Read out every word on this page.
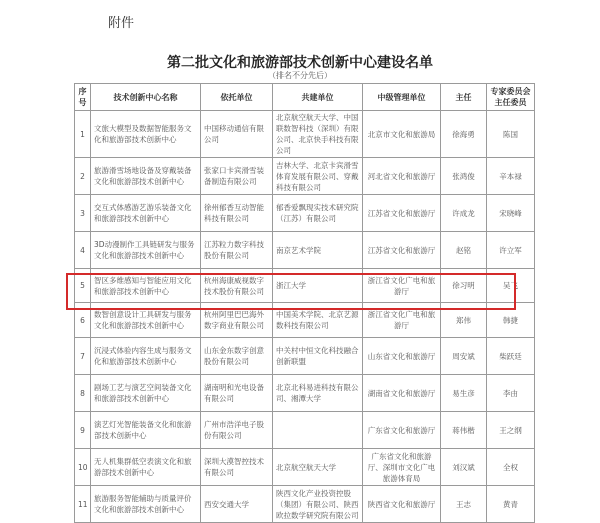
附件
第二批文化和旅游部技术创新中心建设名单
（排名不分先后）
序号	技术创新中心名称	依托单位	共建单位	中级管理单位	主任	专家委员会主任委员
1	文旅大模型及数据智能服务文化和旅游部技术创新中心	中国移动通信有限公司	北京航空航天大学、中国联数智科技（深圳）有限公司、北京快手科技有限公司	北京市文化和旅游局	徐海勇	陈国
2	旅游滑雪场地设备及穿戴装备文化和旅游部技术创新中心	张家口卡宾滑雪装备制造有限公司	吉林大学、北京卡宾滑雪体育发展有限公司、穿戴科技有限公司	河北省文化和旅游厅	张鸿俊	辛本禄
3	交互式体感游艺游乐装备文化和旅游部技术创新中心	徐州郁香互动智能科技有限公司	郁香爱飘现实技术研究院（江苏）有限公司	江苏省文化和旅游厅	许成龙	宋晓峰
4	3D动漫制作工具链研发与服务文化和旅游部技术创新中心	江苏粒力数字科技股份有限公司	南京艺术学院	江苏省文化和旅游厅	赵铭	许立军
5	智区多维感知与智能应用文化和旅游部技术创新中心	杭州海康威视数字技术股份有限公司	浙江大学	浙江省文化广电和旅游厅	徐习明	吴飞
6	数智创意设计工具研发与服务文化和旅游部技术创新中心	杭州阿里巴巴海外数字商业有限公司	中国美术学院、北京艺源数科技有限公司	浙江省文化广电和旅游厅	郑伟	韩捷
7	沉浸式体验内容生成与服务文化和旅游部技术创新中心	山东金东数字创意股份有限公司	中关村中恒文化科技融合创新联盟	山东省文化和旅游厅	周安斌	柴跃廷
8	剧场工艺与演艺空间装备文化和旅游部技术创新中心	湖南明和光电设备有限公司	北京北科易进科技有限公司、湘潭大学	湖南省文化和旅游厅	易生彦	李由
9	演艺灯光智能装备文化和旅游部技术创新中心	广州市浩洋电子股份有限公司		广东省文化和旅游厅	蒋伟楷	王之纲
10	无人机集群低空表演文化和旅游部技术创新中心	深圳大漠智控技术有限公司	北京航空航天大学	广东省文化和旅游厅、深圳市文化广电旅游体育局	刘汉斌	全权
11	旅游服务智能辅助与质量评价文化和旅游部技术创新中心	西安交通大学	陕西文化产业投资控股（集团）有限公司、陕西欧拉数学研究院有限公司	陕西省文化和旅游厅	王志	黄青
